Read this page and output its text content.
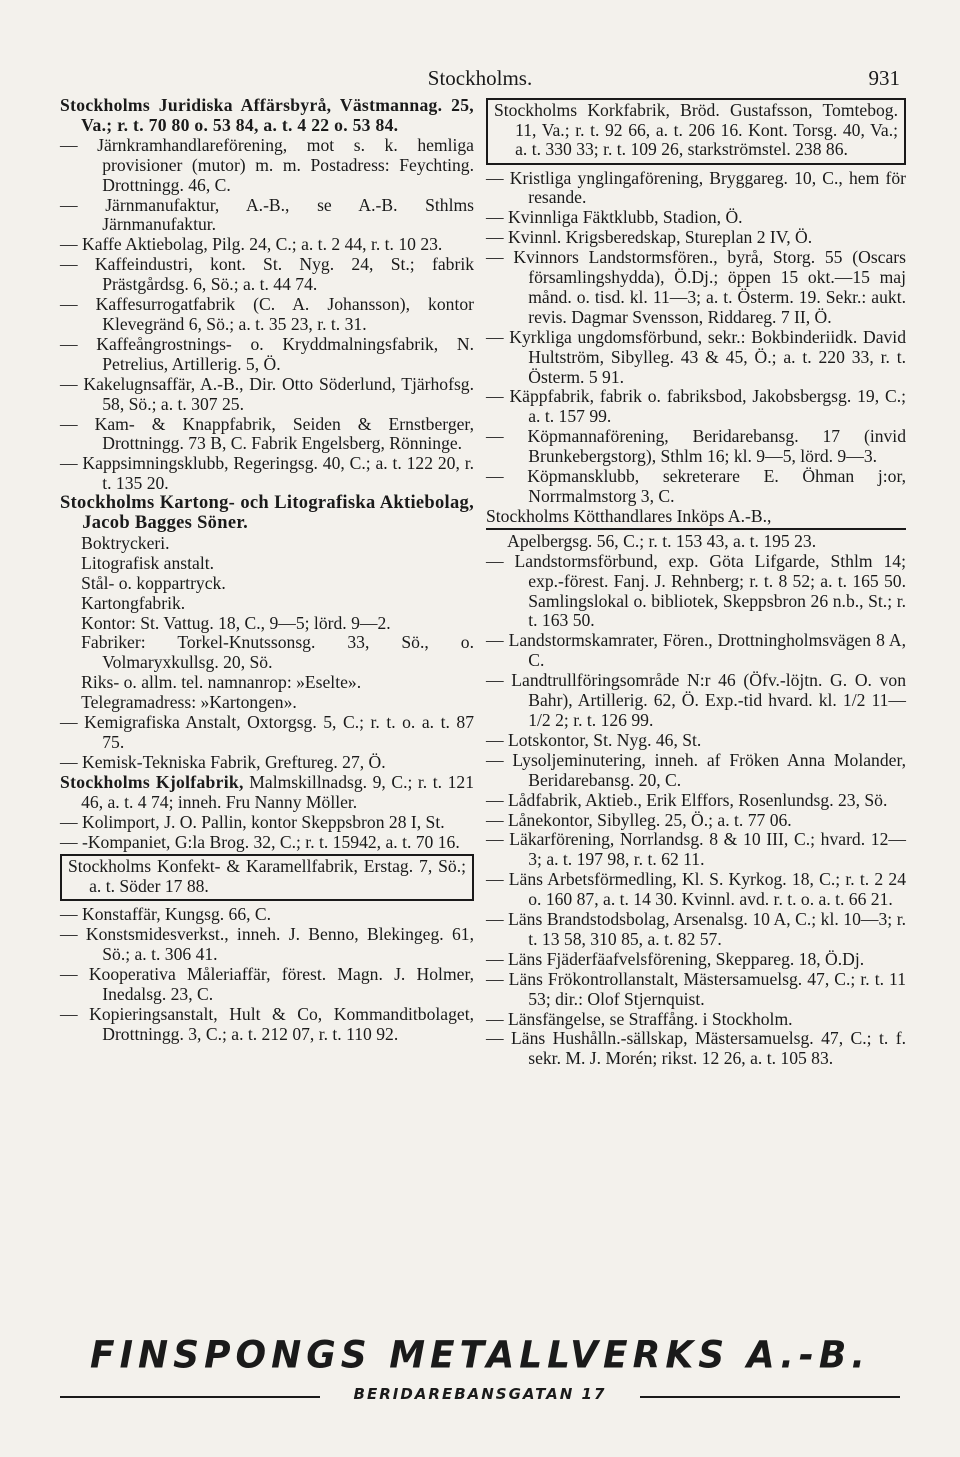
Stockholms.	931

Stockholms Juridiska Affärsbyrå, Västmannag. 25, Va.; r. t. 70 80 o. 53 84, a. t. 4 22 o. 53 84.

— Järnkramhandlareförening, mot s. k. hemliga provisioner (mutor) m. m. Postadress: Feychting. Drottningg. 46, C.

— Järnmanufaktur, A.-B., se A.-B. Sthlms Järnmanufaktur.

— Kaffe Aktiebolag, Pilg. 24, C.; a. t. 2 44, r. t. 10 23.

— Kaffeindustri, kont. St. Nyg. 24, St.; fabrik Prästgårdsg. 6, Sö.; a. t. 44 74.

— Kaffesurrogatfabrik (C. A. Johansson), kontor Klevegränd 6, Sö.; a. t. 35 23, r. t. 31.

— Kaffeångrostnings- o. Kryddmalningsfabrik, N. Petrelius, Artillerig. 5, Ö.

— Kakelugnsaffär, A.-B., Dir. Otto Söderlund, Tjärhofsg. 58, Sö.; a. t. 307 25.

— Kam- & Knappfabrik, Seiden & Ernstberger, Drottningg. 73 B, C. Fabrik Engelsberg, Rönninge.

— Kappsimningsklubb, Regeringsg. 40, C.; a. t. 122 20, r. t. 135 20.

Stockholms Kartong- och Litografiska Aktiebolag, Jacob Bagges Söner.

Boktryckeri.

Litografisk anstalt.

Stål- o. koppartryck.

Kartongfabrik.

Kontor: St. Vattug. 18, C., 9—5; lörd. 9—2.

Fabriker: Torkel-Knutssonsg. 33, Sö., o. Volmaryxkullsg. 20, Sö.

Riks- o. allm. tel. namnanrop: »Eselte».

Telegramadress: »Kartongen».

— Kemigrafiska Anstalt, Oxtorgsg. 5, C.; r. t. o. a. t. 87 75.

— Kemisk-Tekniska Fabrik, Greftureg. 27, Ö.

Stockholms Kjolfabrik, Malmskillnadsg. 9, C.; r. t. 121 46, a. t. 4 74; inneh. Fru Nanny Möller.

— Kolimport, J. O. Pallin, kontor Skeppsbron 28 I, St.

— -Kompaniet, G:la Brog. 32, C.; r. t. 15942, a. t. 70 16.

Stockholms Konfekt- & Karamellfabrik, Erstag. 7, Sö.; a. t. Söder 17 88.

— Konstaffär, Kungsg. 66, C.

— Konstsmidesverkst., inneh. J. Benno, Blekingeg. 61, Sö.; a. t. 306 41.

— Kooperativa Måleriaffär, förest. Magn. J. Holmer, Inedalsg. 23, C.

— Kopieringsanstalt, Hult & Co, Kommanditbolaget, Drottningg. 3, C.; a. t. 212 07, r. t. 110 92.

Stockholms Korkfabrik, Bröd. Gustafsson, Tomtebog. 11, Va.; r. t. 92 66, a. t. 206 16. Kont. Torsg. 40, Va.; a. t. 330 33; r. t. 109 26, starkströmstel. 238 86.

— Kristliga ynglingaförening, Bryggareg. 10, C., hem för resande.

— Kvinnliga Fäktklubb, Stadion, Ö.

— Kvinnl. Krigsberedskap, Stureplan 2 IV, Ö.

— Kvinnors Landstormsfören., byrå, Storg. 55 (Oscars församlingshydda), Ö.Dj.; öppen 15 okt.—15 maj månd. o. tisd. kl. 11—3; a. t. Österm. 19. Sekr.: aukt. revis. Dagmar Svensson, Riddareg. 7 II, Ö.

— Kyrkliga ungdomsförbund, sekr.: Bokbinderiidk. David Hultström, Sibylleg. 43 & 45, Ö.; a. t. 220 33, r. t. Österm. 5 91.

— Käppfabrik, fabrik o. fabriksbod, Jakobsbergsg. 19, C.; a. t. 157 99.

— Köpmannaförening, Beridarebansg. 17 (invid Brunkebergstorg), Sthlm 16; kl. 9—5, lörd. 9—3.

— Köpmansklubb, sekreterare E. Öhman j:or, Norrmalmstorg 3, C.

Stockholms Kötthandlares Inköps A.-B.,

Apelbergsg. 56, C.; r. t. 153 43, a. t. 195 23.

— Landstormsförbund, exp. Göta Lifgarde, Sthlm 14; exp.-förest. Fanj. J. Rehnberg; r. t. 8 52; a. t. 165 50. Samlingslokal o. bibliotek, Skeppsbron 26 n.b., St.; r. t. 163 50.

— Landstormskamrater, Fören., Drottningholmsvägen 8 A, C.

— Landtrullföringsområde N:r 46 (Öfv.-löjtn. G. O. von Bahr), Artillerig. 62, Ö. Exp.-tid hvard. kl. 1/2 11—1/2 2; r. t. 126 99.

— Lotskontor, St. Nyg. 46, St.

— Lysoljeminutering, inneh. af Fröken Anna Molander, Beridarebansg. 20, C.

— Lådfabrik, Aktieb., Erik Elffors, Rosenlundsg. 23, Sö.

— Lånekontor, Sibylleg. 25, Ö.; a. t. 77 06.

— Läkarförening, Norrlandsg. 8 & 10 III, C.; hvard. 12—3; a. t. 197 98, r. t. 62 11.

— Läns Arbetsförmedling, Kl. S. Kyrkog. 18, C.; r. t. 2 24 o. 160 87, a. t. 14 30. Kvinnl. avd. r. t. o. a. t. 66 21.

— Läns Brandstodsbolag, Arsenalsg. 10 A, C.; kl. 10—3; r. t. 13 58, 310 85, a. t. 82 57.

— Läns Fjäderfäafvelsförening, Skeppareg. 18, Ö.Dj.

— Läns Frökontrollanstalt, Mästersamuelsg. 47, C.; r. t. 11 53; dir.: Olof Stjernquist.

— Länsfängelse, se Straffång. i Stockholm.

— Läns Hushålln.-sällskap, Mästersamuelsg. 47, C.; t. f. sekr. M. J. Morén; rikst. 12 26, a. t. 105 83.

FINSPONGS METALLVERKS A.-B.
BERIDAREBANSGATAN 17
